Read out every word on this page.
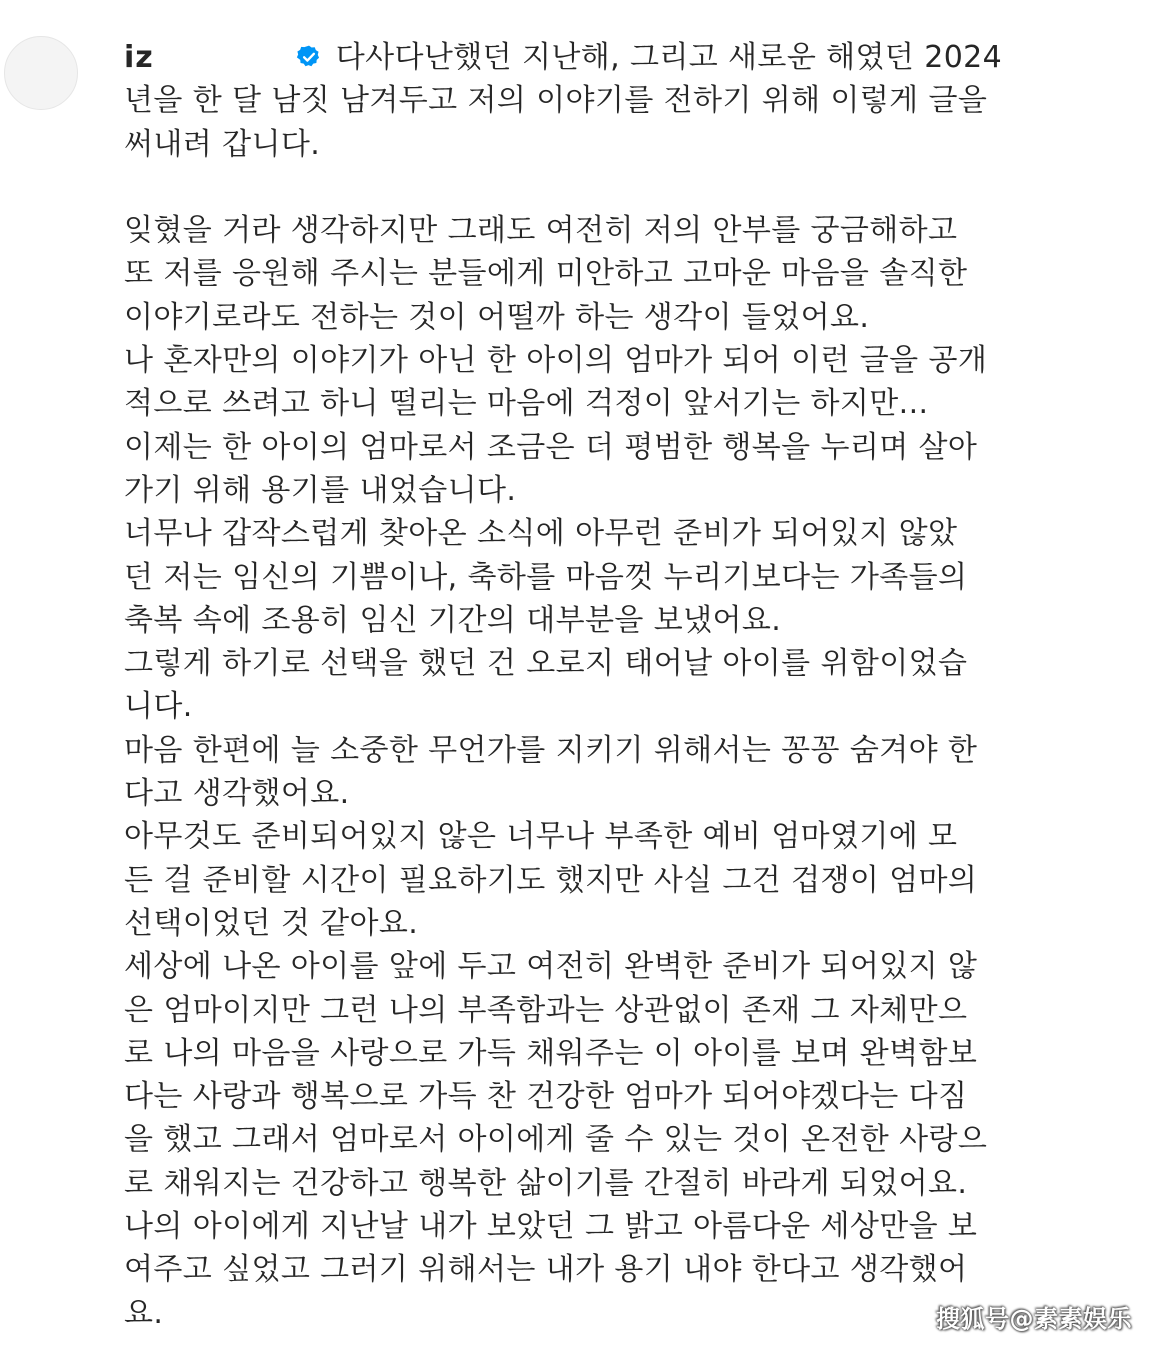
iz	다사다난했던 지난해, 그리고 새로운 해였던 2024
년을 한 달 남짓 남겨두고 저의 이야기를 전하기 위해 이렇게 글을
써내려 갑니다.
잊혔을 거라 생각하지만 그래도 여전히 저의 안부를 궁금해하고
또 저를 응원해 주시는 분들에게 미안하고 고마운 마음을 솔직한
이야기로라도 전하는 것이 어떨까 하는 생각이 들었어요.
나 혼자만의 이야기가 아닌 한 아이의 엄마가 되어 이런 글을 공개
적으로 쓰려고 하니 떨리는 마음에 걱정이 앞서기는 하지만...
이제는 한 아이의 엄마로서 조금은 더 평범한 행복을 누리며 살아
가기 위해 용기를 내었습니다.
너무나 갑작스럽게 찾아온 소식에 아무런 준비가 되어있지 않았
던 저는 임신의 기쁨이나, 축하를 마음껏 누리기보다는 가족들의
축복 속에 조용히 임신 기간의 대부분을 보냈어요.
그렇게 하기로 선택을 했던 건 오로지 태어날 아이를 위함이었습
니다.
마음 한편에 늘 소중한 무언가를 지키기 위해서는 꽁꽁 숨겨야 한
다고 생각했어요.
아무것도 준비되어있지 않은 너무나 부족한 예비 엄마였기에 모
든 걸 준비할 시간이 필요하기도 했지만 사실 그건 겁쟁이 엄마의
선택이었던 것 같아요.
세상에 나온 아이를 앞에 두고 여전히 완벽한 준비가 되어있지 않
은 엄마이지만 그런 나의 부족함과는 상관없이 존재 그 자체만으
로 나의 마음을 사랑으로 가득 채워주는 이 아이를 보며 완벽함보
다는 사랑과 행복으로 가득 찬 건강한 엄마가 되어야겠다는 다짐
을 했고 그래서 엄마로서 아이에게 줄 수 있는 것이 온전한 사랑으
로 채워지는 건강하고 행복한 삶이기를 간절히 바라게 되었어요.
나의 아이에게 지난날 내가 보았던 그 밝고 아름다운 세상만을 보
여주고 싶었고 그러기 위해서는 내가 용기 내야 한다고 생각했어
요.	搜狐号@素素娱乐
